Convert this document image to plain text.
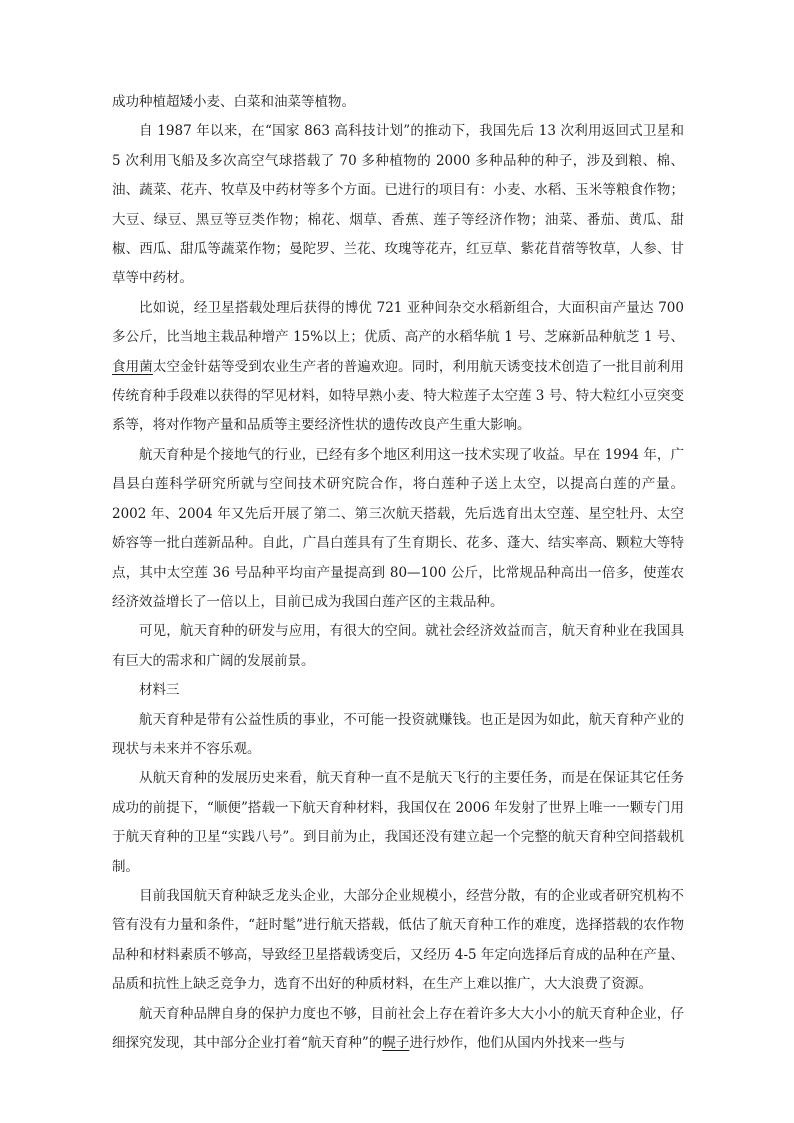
成功种植超矮小麦、白菜和油菜等植物。

自 1987 年以来，在“国家 863 高科技计划”的推动下，我国先后 13 次利用返回式卫星和 5 次利用飞船及多次高空气球搭载了 70 多种植物的 2000 多种品种的种子，涉及到粮、棉、油、蔬菜、花卉、牧草及中药材等多个方面。已进行的项目有：小麦、水稻、玉米等粮食作物；大豆、绿豆、黑豆等豆类作物；棉花、烟草、香蕉、莲子等经济作物；油菜、番茄、黄瓜、甜椒、西瓜、甜瓜等蔬菜作物；曼陀罗、兰花、玫瑰等花卉，红豆草、紫花苜蓿等牧草，人参、甘草等中药材。

比如说，经卫星搭载处理后获得的博优 721 亚种间杂交水稻新组合，大面积亩产量达 700 多公斤，比当地主栽品种增产 15%以上；优质、高产的水稻华航 1 号、芝麻新品种航芝 1 号、食用菌太空金针菇等受到农业生产者的普遍欢迎。同时，利用航天诱变技术创造了一批目前利用传统育种手段难以获得的罕见材料，如特早熟小麦、特大粒莲子太空莲 3 号、特大粒红小豆突变系等，将对作物产量和品质等主要经济性状的遗传改良产生重大影响。

航天育种是个接地气的行业，已经有多个地区利用这一技术实现了收益。早在 1994 年，广昌县白莲科学研究所就与空间技术研究院合作，将白莲种子送上太空，以提高白莲的产量。2002 年、2004 年又先后开展了第二、第三次航天搭载，先后选育出太空莲、星空牡丹、太空娇容等一批白莲新品种。自此，广昌白莲具有了生育期长、花多、蓬大、结实率高、颗粒大等特点，其中太空莲 36 号品种平均亩产量提高到 80—100 公斤，比常规品种高出一倍多，使莲农经济效益增长了一倍以上，目前已成为我国白莲产区的主栽品种。

可见，航天育种的研发与应用，有很大的空间。就社会经济效益而言，航天育种业在我国具有巨大的需求和广阔的发展前景。

材料三

航天育种是带有公益性质的事业，不可能一投资就赚钱。也正是因为如此，航天育种产业的现状与未来并不容乐观。

从航天育种的发展历史来看，航天育种一直不是航天飞行的主要任务，而是在保证其它任务成功的前提下，“顺便”搭载一下航天育种材料，我国仅在 2006 年发射了世界上唯一一颗专门用于航天育种的卫星“实践八号”。到目前为止，我国还没有建立起一个完整的航天育种空间搭载机制。

目前我国航天育种缺乏龙头企业，大部分企业规模小，经营分散，有的企业或者研究机构不管有没有力量和条件，“赶时髦”进行航天搭载，低估了航天育种工作的难度，选择搭载的农作物品种和材料素质不够高，导致经卫星搭载诱变后，又经历 4-5 年定向选择后育成的品种在产量、品质和抗性上缺乏竞争力，选育不出好的种质材料，在生产上难以推广，大大浪费了资源。

航天育种品牌自身的保护力度也不够，目前社会上存在着许多大大小小的航天育种企业，仔细探究发现，其中部分企业打着“航天育种”的幌子进行炒作，他们从国内外找来一些与
